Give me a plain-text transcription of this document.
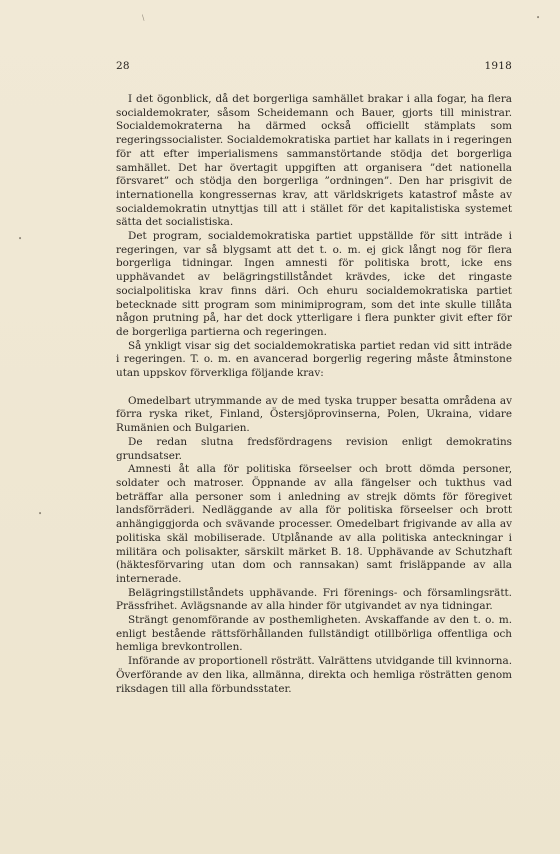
\	•
•
•
28	1918

I det ögonblick, då det borgerliga samhället brakar i alla fogar, ha flera socialdemokrater, såsom Scheidemann och Bauer, gjorts till ministrar. Socialdemokraterna ha därmed också officiellt stämplats som regeringssocialister. Socialdemokratiska partiet har kallats in i regeringen för att efter imperialismens sammanstörtande stödja det borgerliga samhället. Det har övertagit uppgiften att organisera ”det nationella försvaret” och stödja den borgerliga ”ordningen”. Den har prisgivit de internationella kongressernas krav, att världskrigets katastrof måste av socialdemokratin utnyttjas till att i stället för det kapitalistiska systemet sätta det socialistiska.

Det program, socialdemokratiska partiet uppställde för sitt inträde i regeringen, var så blygsamt att det t. o. m. ej gick långt nog för flera borgerliga tidningar. Ingen amnesti för politiska brott, icke ens upphävandet av belägringstillståndet krävdes, icke det ringaste socialpolitiska krav finns däri. Och ehuru socialdemokratiska partiet betecknade sitt program som minimiprogram, som det inte skulle tillåta någon prutning på, har det dock ytterligare i flera punkter givit efter för de borgerliga partierna och regeringen.

Så ynkligt visar sig det socialdemokratiska partiet redan vid sitt inträde i regeringen. T. o. m. en avancerad borgerlig regering måste åtminstone utan uppskov förverkliga följande krav:

Omedelbart utrymmande av de med tyska trupper besatta områdena av förra ryska riket, Finland, Östersjöprovinserna, Polen, Ukraina, vidare Rumänien och Bulgarien.

De redan slutna fredsfördragens revision enligt demokratins grundsatser.

Amnesti åt alla för politiska förseelser och brott dömda personer, soldater och matroser. Öppnande av alla fängelser och tukthus vad beträffar alla personer som i anledning av strejk dömts för föregivet landsförräderi. Nedläggande av alla för politiska förseelser och brott anhängiggjorda och svävande processer. Omedelbart frigivande av alla av politiska skäl mobiliserade. Utplånande av alla politiska anteckningar i militära och polisakter, särskilt märket B. 18. Upphävande av Schutzhaft (häktesförvaring utan dom och rannsakan) samt frisläppande av alla internerade.

Belägringstillståndets upphävande. Fri förenings- och församlingsrätt. Prässfrihet. Avlägsnande av alla hinder för utgivandet av nya tidningar.

Strängt genomförande av posthemligheten. Avskaffande av den t. o. m. enligt bestående rättsförhållanden fullständigt otillbörliga offentliga och hemliga brevkontrollen.

Införande av proportionell rösträtt. Valrättens utvidgande till kvinnorna. Överförande av den lika, allmänna, direkta och hemliga rösträtten genom riksdagen till alla förbundsstater.
